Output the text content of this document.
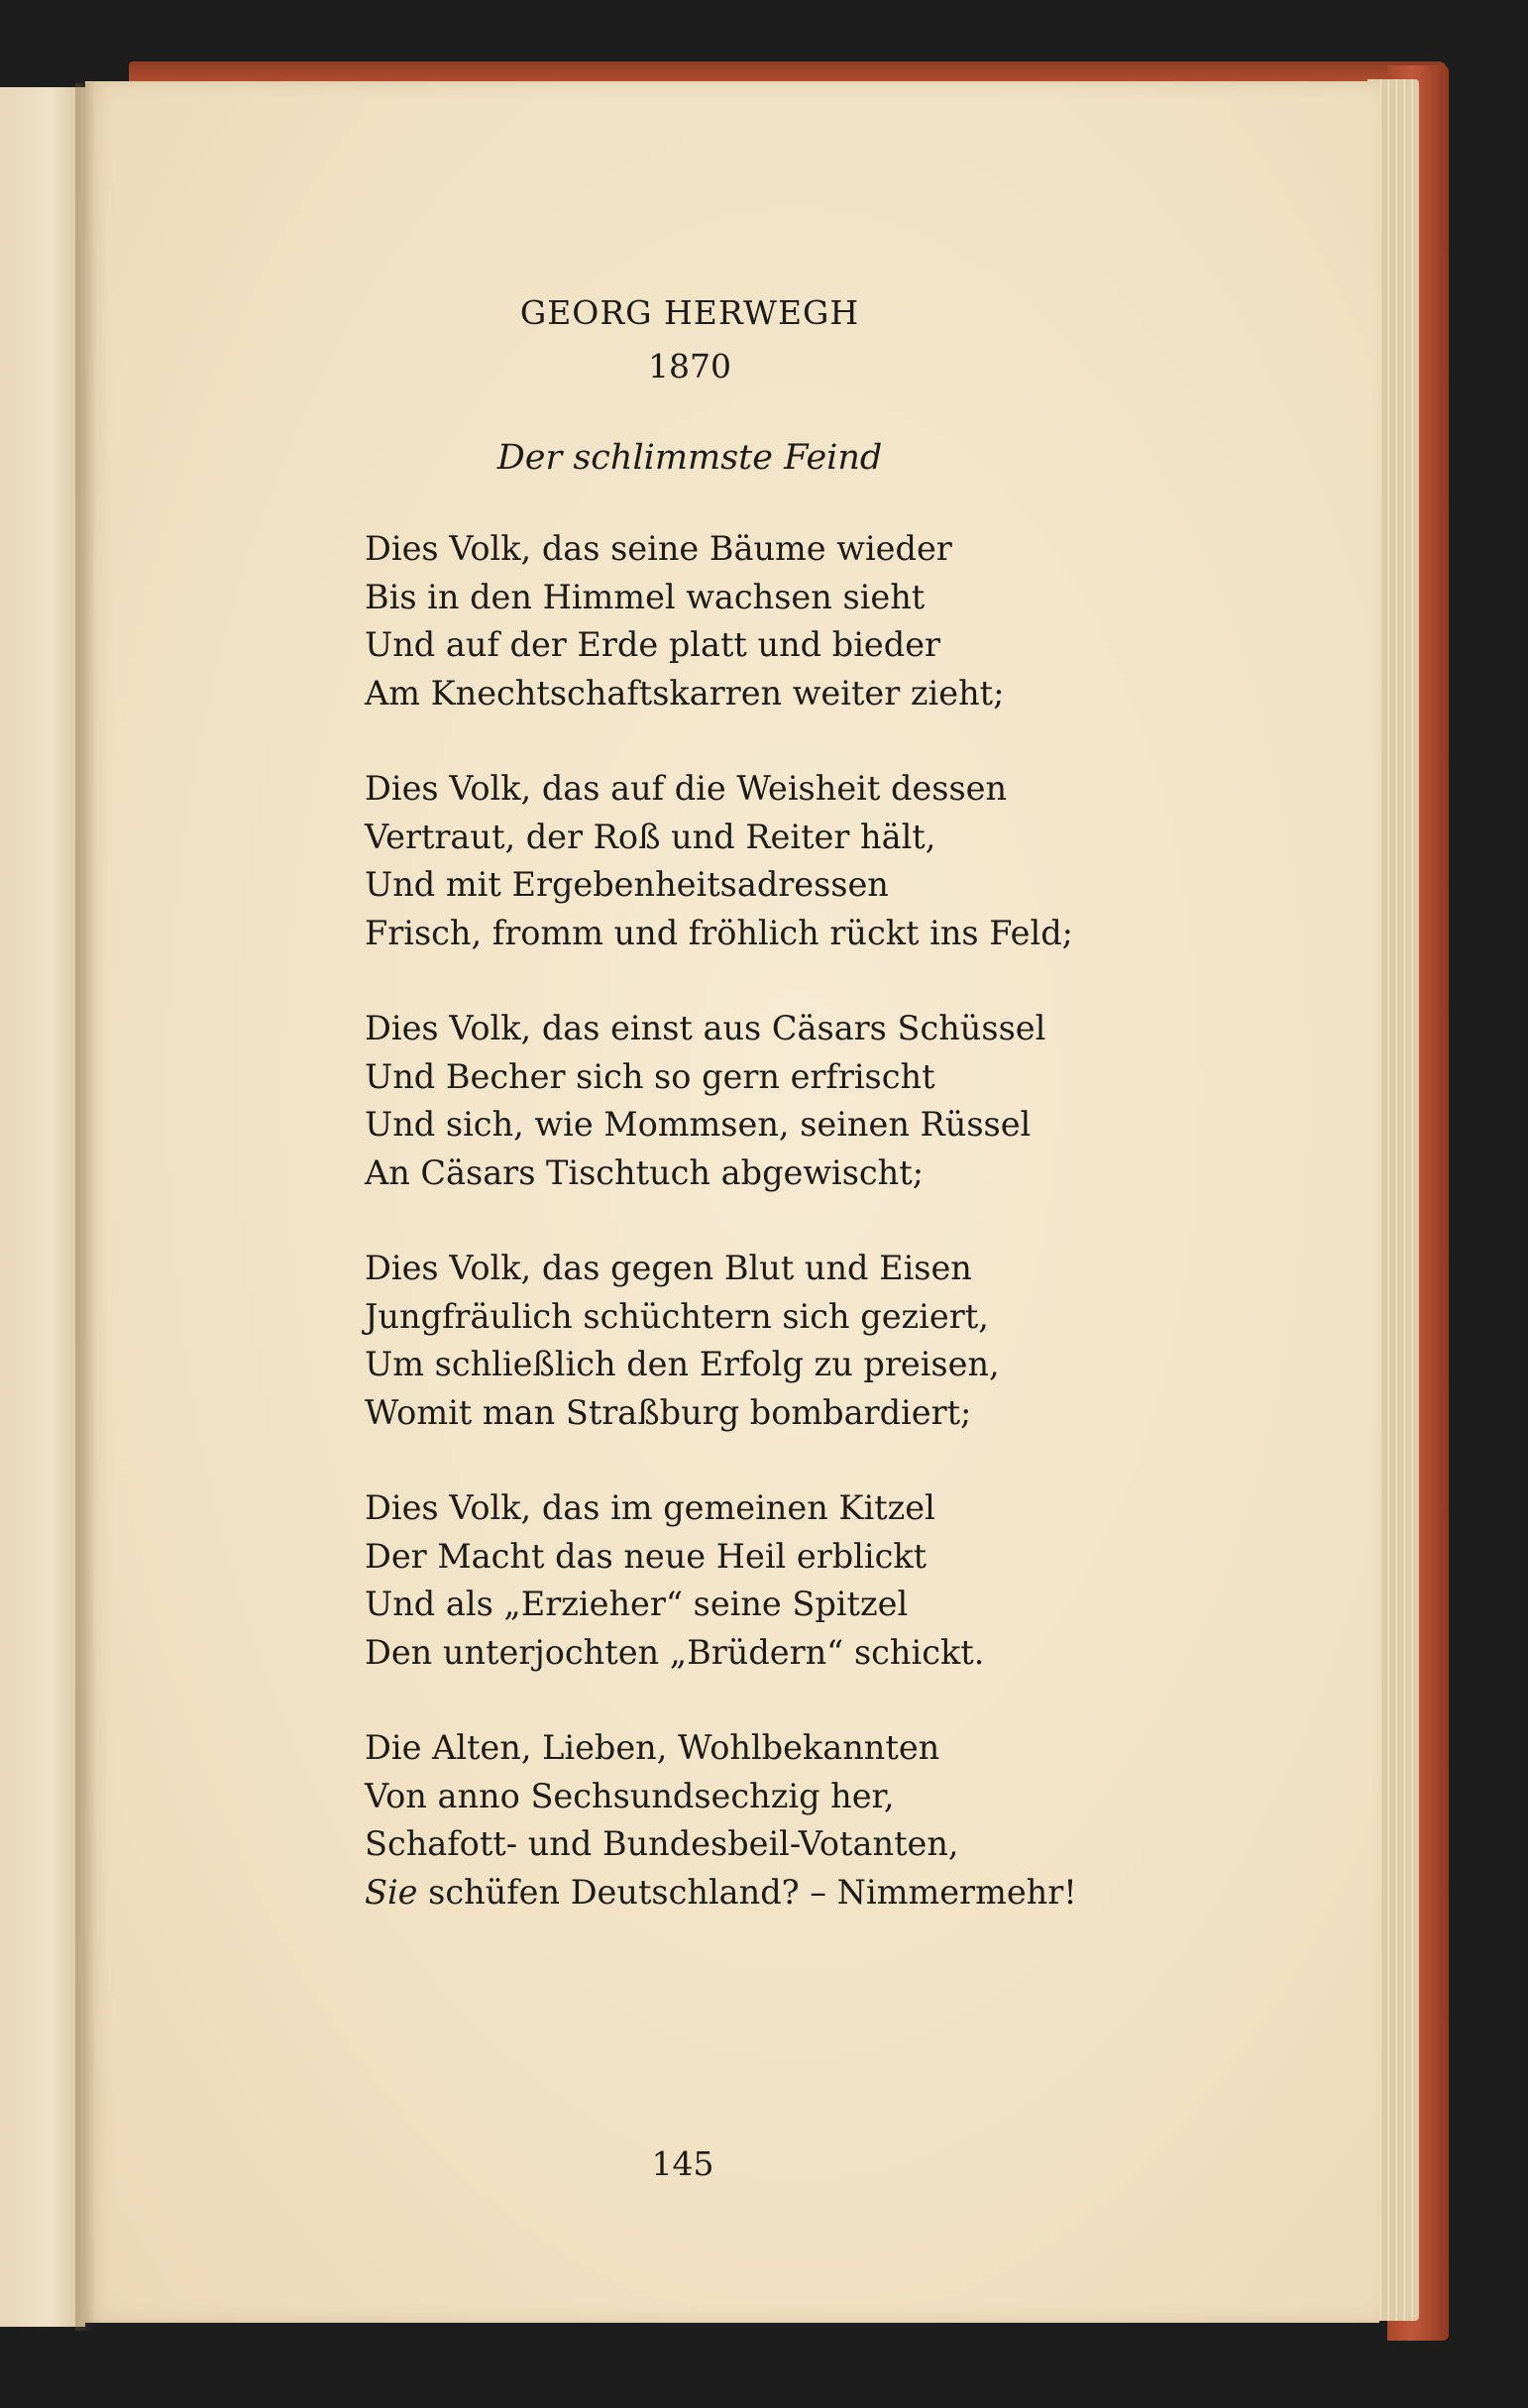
GEORG HERWEGH
1870
Der schlimmste Feind
Dies Volk, das seine Bäume wieder
Bis in den Himmel wachsen sieht
Und auf der Erde platt und bieder
Am Knechtschaftskarren weiter zieht;
Dies Volk, das auf die Weisheit dessen
Vertraut, der Roß und Reiter hält,
Und mit Ergebenheitsadressen
Frisch, fromm und fröhlich rückt ins Feld;
Dies Volk, das einst aus Cäsars Schüssel
Und Becher sich so gern erfrischt
Und sich, wie Mommsen, seinen Rüssel
An Cäsars Tischtuch abgewischt;
Dies Volk, das gegen Blut und Eisen
Jungfräulich schüchtern sich geziert,
Um schließlich den Erfolg zu preisen,
Womit man Straßburg bombardiert;
Dies Volk, das im gemeinen Kitzel
Der Macht das neue Heil erblickt
Und als „Erzieher“ seine Spitzel
Den unterjochten „Brüdern“ schickt.
Die Alten, Lieben, Wohlbekannten
Von anno Sechsundsechzig her,
Schafott- und Bundesbeil-Votanten,
Sie schüfen Deutschland? – Nimmermehr!
145
